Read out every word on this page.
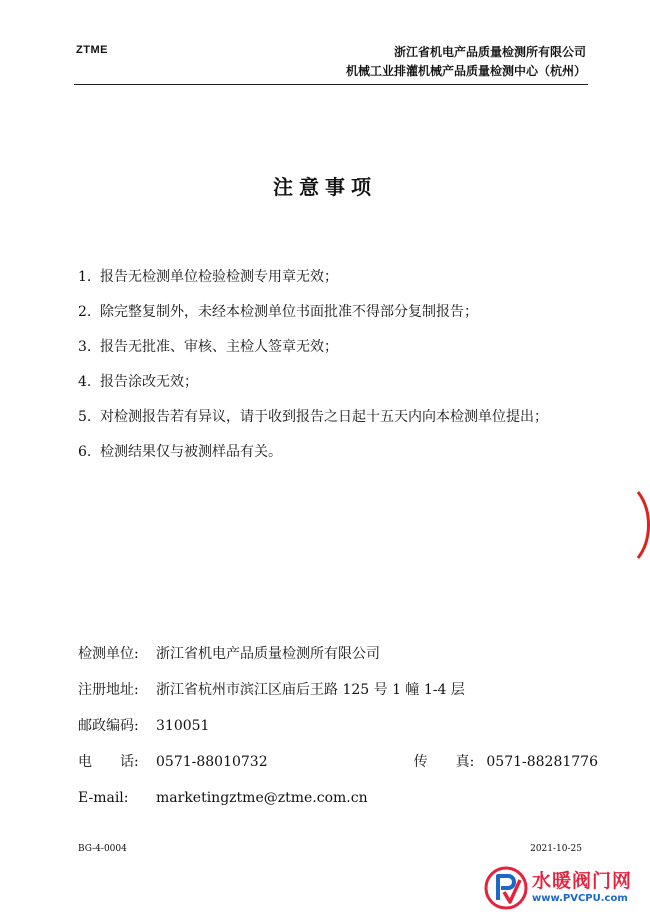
ZTME	浙江省机电产品质量检测所有限公司
机械工业排灌机械产品质量检测中心（杭州）
注意事项
1. 报告无检测单位检验检测专用章无效；
2. 除完整复制外，未经本检测单位书面批准不得部分复制报告；
3. 报告无批准、审核、主检人签章无效；
4. 报告涂改无效；
5. 对检测报告若有异议，请于收到报告之日起十五天内向本检测单位提出；
6. 检测结果仅与被测样品有关。
检测单位:	浙江省机电产品质量检测所有限公司
注册地址:	浙江省杭州市滨江区庙后王路 125 号 1 幢 1-4 层
邮政编码:	310051
电　　话:	0571-88010732	传　　真: 0571-88281776
E-mail:	marketingztme@ztme.com.cn
BG-4-0004	2021-10-25
水暖阀门网
www.PVCPU.com
